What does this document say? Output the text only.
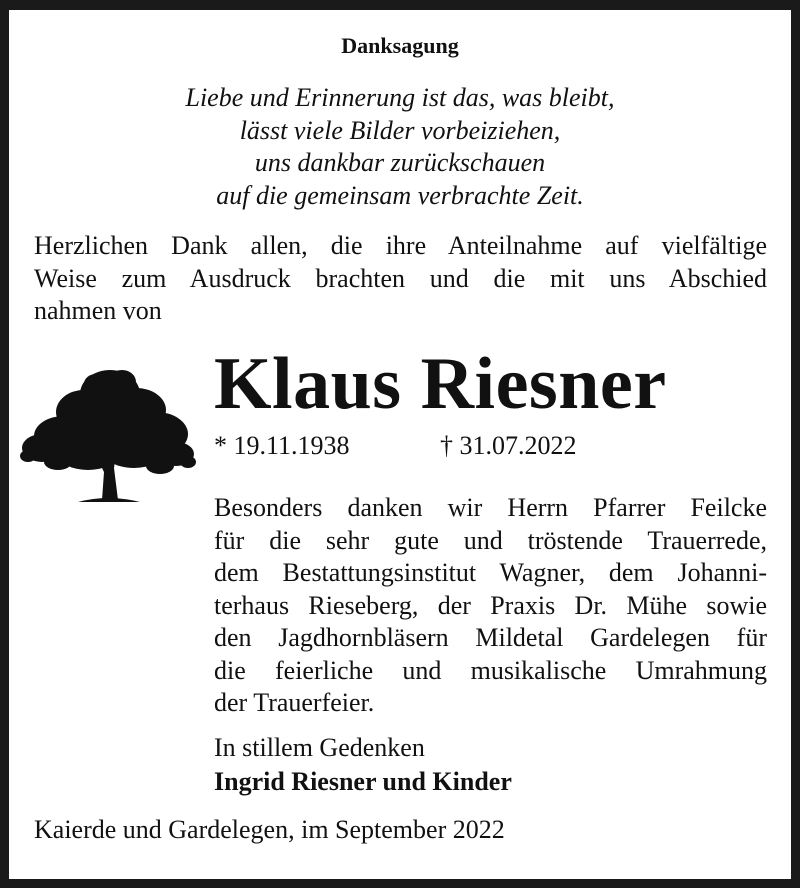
Danksagung
Liebe und Erinnerung ist das, was bleibt,
lässt viele Bilder vorbeiziehen,
uns dankbar zurückschauen
auf die gemeinsam verbrachte Zeit.
Herzlichen Dank allen, die ihre Anteilnahme auf vielfältige
Weise zum Ausdruck brachten und die mit uns Abschied
nahmen von
Klaus Riesner
* 19.11.1938	† 31.07.2022
Besonders danken wir Herrn Pfarrer Feilcke
für die sehr gute und tröstende Trauerrede,
dem Bestattungsinstitut Wagner, dem Johanni-
terhaus Rieseberg, der Praxis Dr. Mühe sowie
den Jagdhornbläsern Mildetal Gardelegen für
die feierliche und musikalische Umrahmung
der Trauerfeier.
In stillem Gedenken
Ingrid Riesner und Kinder
Kaierde und Gardelegen, im September 2022
